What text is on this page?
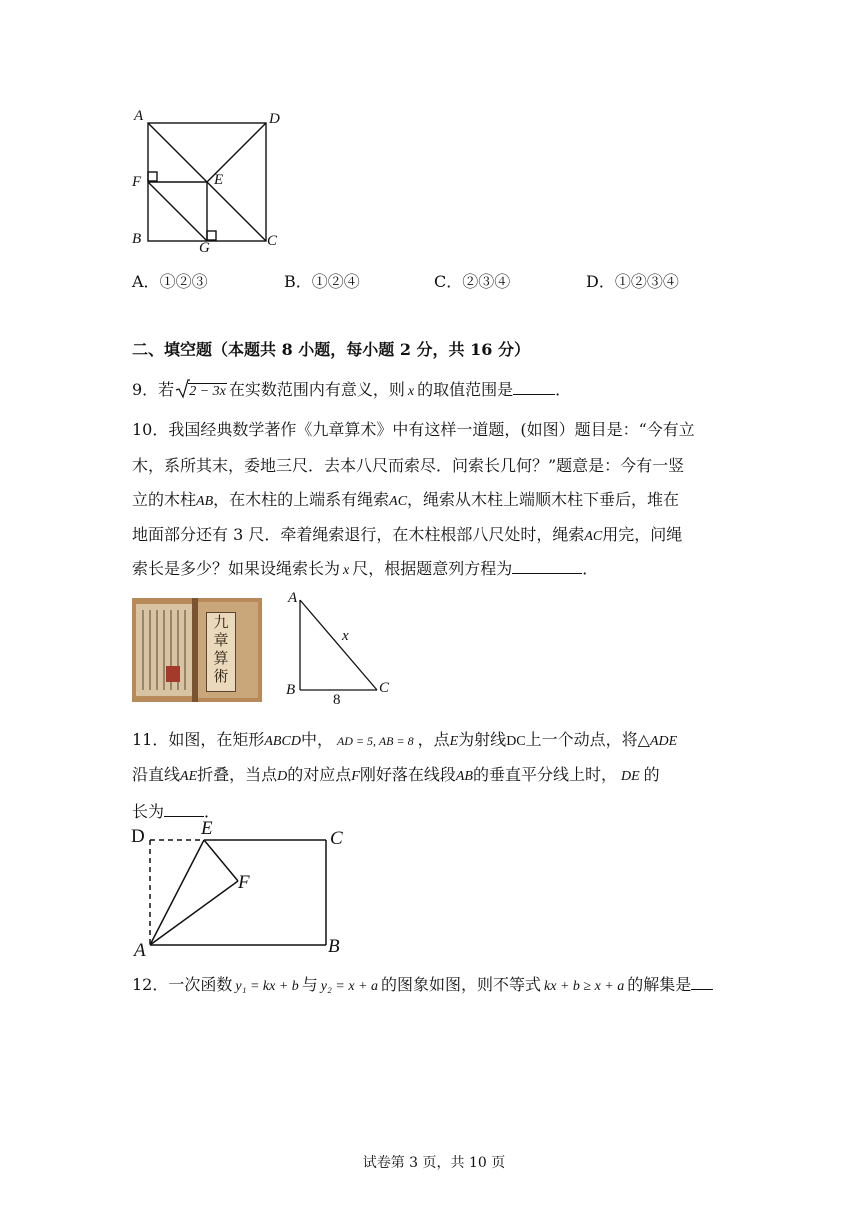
A	D
F	E
B
G	C
A．①②③	B．①②④	C．②③④	D．①②③④
二、填空题（本题共 8 小题，每小题 2 分，共 16 分）
9．若 2 − 3x 在实数范围内有意义，则 x 的取值范围是	．
10．我国经典数学著作《九章算术》中有这样一道题，(如图）题目是：“今有立
木，系所其末，委地三尺．去本八尺而索尽．问索长几何？”题意是：今有一竖
立的木柱AB，在木柱的上端系有绳索AC，绳索从木柱上端顺木柱下垂后，堆在
地面部分还有 3 尺．牵着绳索退行，在木柱根部八尺处时，绳索AC用完，问绳
索长是多少？如果设绳索长为 x 尺，根据题意列方程为	．
九
章
算
術
A
x
B	C
8
11．如图，在矩形ABCD中， AD = 5, AB = 8 ，点E为射线DC上一个动点，将△ADE
沿直线AE折叠，当点D的对应点F刚好落在线段AB的垂直平分线上时， DE 的
长为	．
D	E	C
F
A	B
12．一次函数 y₁ = kx + b 与 y₂ = x + a 的图象如图，则不等式 kx + b ≥ x + a 的解集是
试卷第 3 页，共 10 页
